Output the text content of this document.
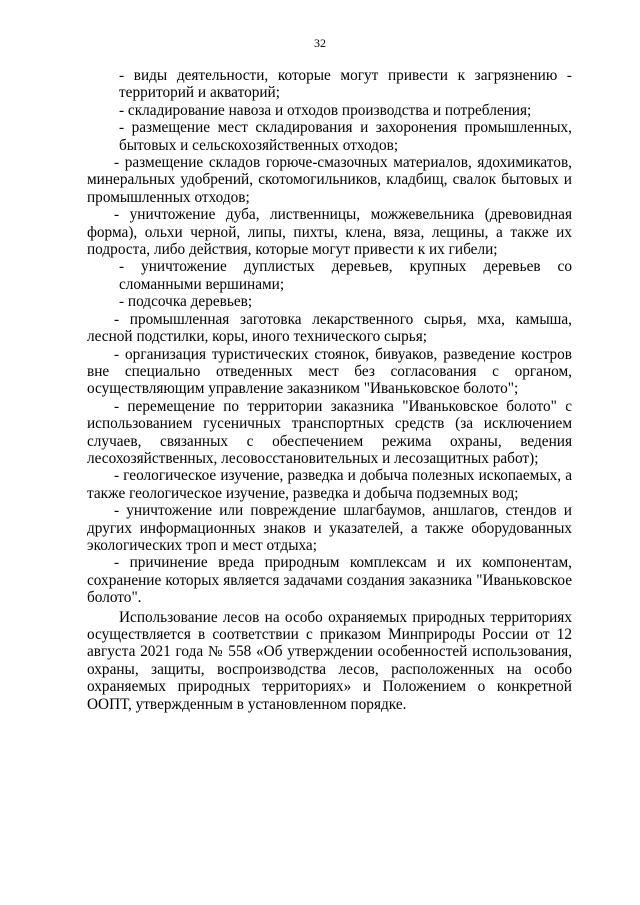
32

- виды деятельности, которые могут привести к загрязнению - территорий и акваторий;

- складирование навоза и отходов производства и потребления;

- размещение мест складирования и захоронения промышленных, бытовых и сельскохозяйственных отходов;

- размещение складов горюче-смазочных материалов, ядохимикатов, минеральных удобрений, скотомогильников, кладбищ, свалок бытовых и промышленных отходов;

- уничтожение дуба, лиственницы, можжевельника (древовидная форма), ольхи черной, липы, пихты, клена, вяза, лещины, а также их подроста, либо действия, которые могут привести к их гибели;

- уничтожение дуплистых деревьев, крупных деревьев со сломанными вершинами;

- подсочка деревьев;

- промышленная заготовка лекарственного сырья, мха, камыша, лесной подстилки, коры, иного технического сырья;

- организация туристических стоянок, бивуаков, разведение костров вне специально отведенных мест без согласования с органом, осуществляющим управление заказником "Иваньковское болото";

- перемещение по территории заказника "Иваньковское болото" с использованием гусеничных транспортных средств (за исключением случаев, связанных с обеспечением режима охраны, ведения лесохозяйственных, лесовосстановительных и лесозащитных работ);

- геологическое изучение, разведка и добыча полезных ископаемых, а также геологическое изучение, разведка и добыча подземных вод;

- уничтожение или повреждение шлагбаумов, аншлагов, стендов и других информационных знаков и указателей, а также оборудованных экологических троп и мест отдыха;

- причинение вреда природным комплексам и их компонентам, сохранение которых является задачами создания заказника "Иваньковское болото".

Использование лесов на особо охраняемых природных территориях осуществляется в соответствии с приказом Минприроды России от 12 августа 2021 года № 558 «Об утверждении особенностей использования, охраны, защиты, воспроизводства лесов, расположенных на особо охраняемых природных территориях» и Положением о конкретной ООПТ, утвержденным в установленном порядке.
